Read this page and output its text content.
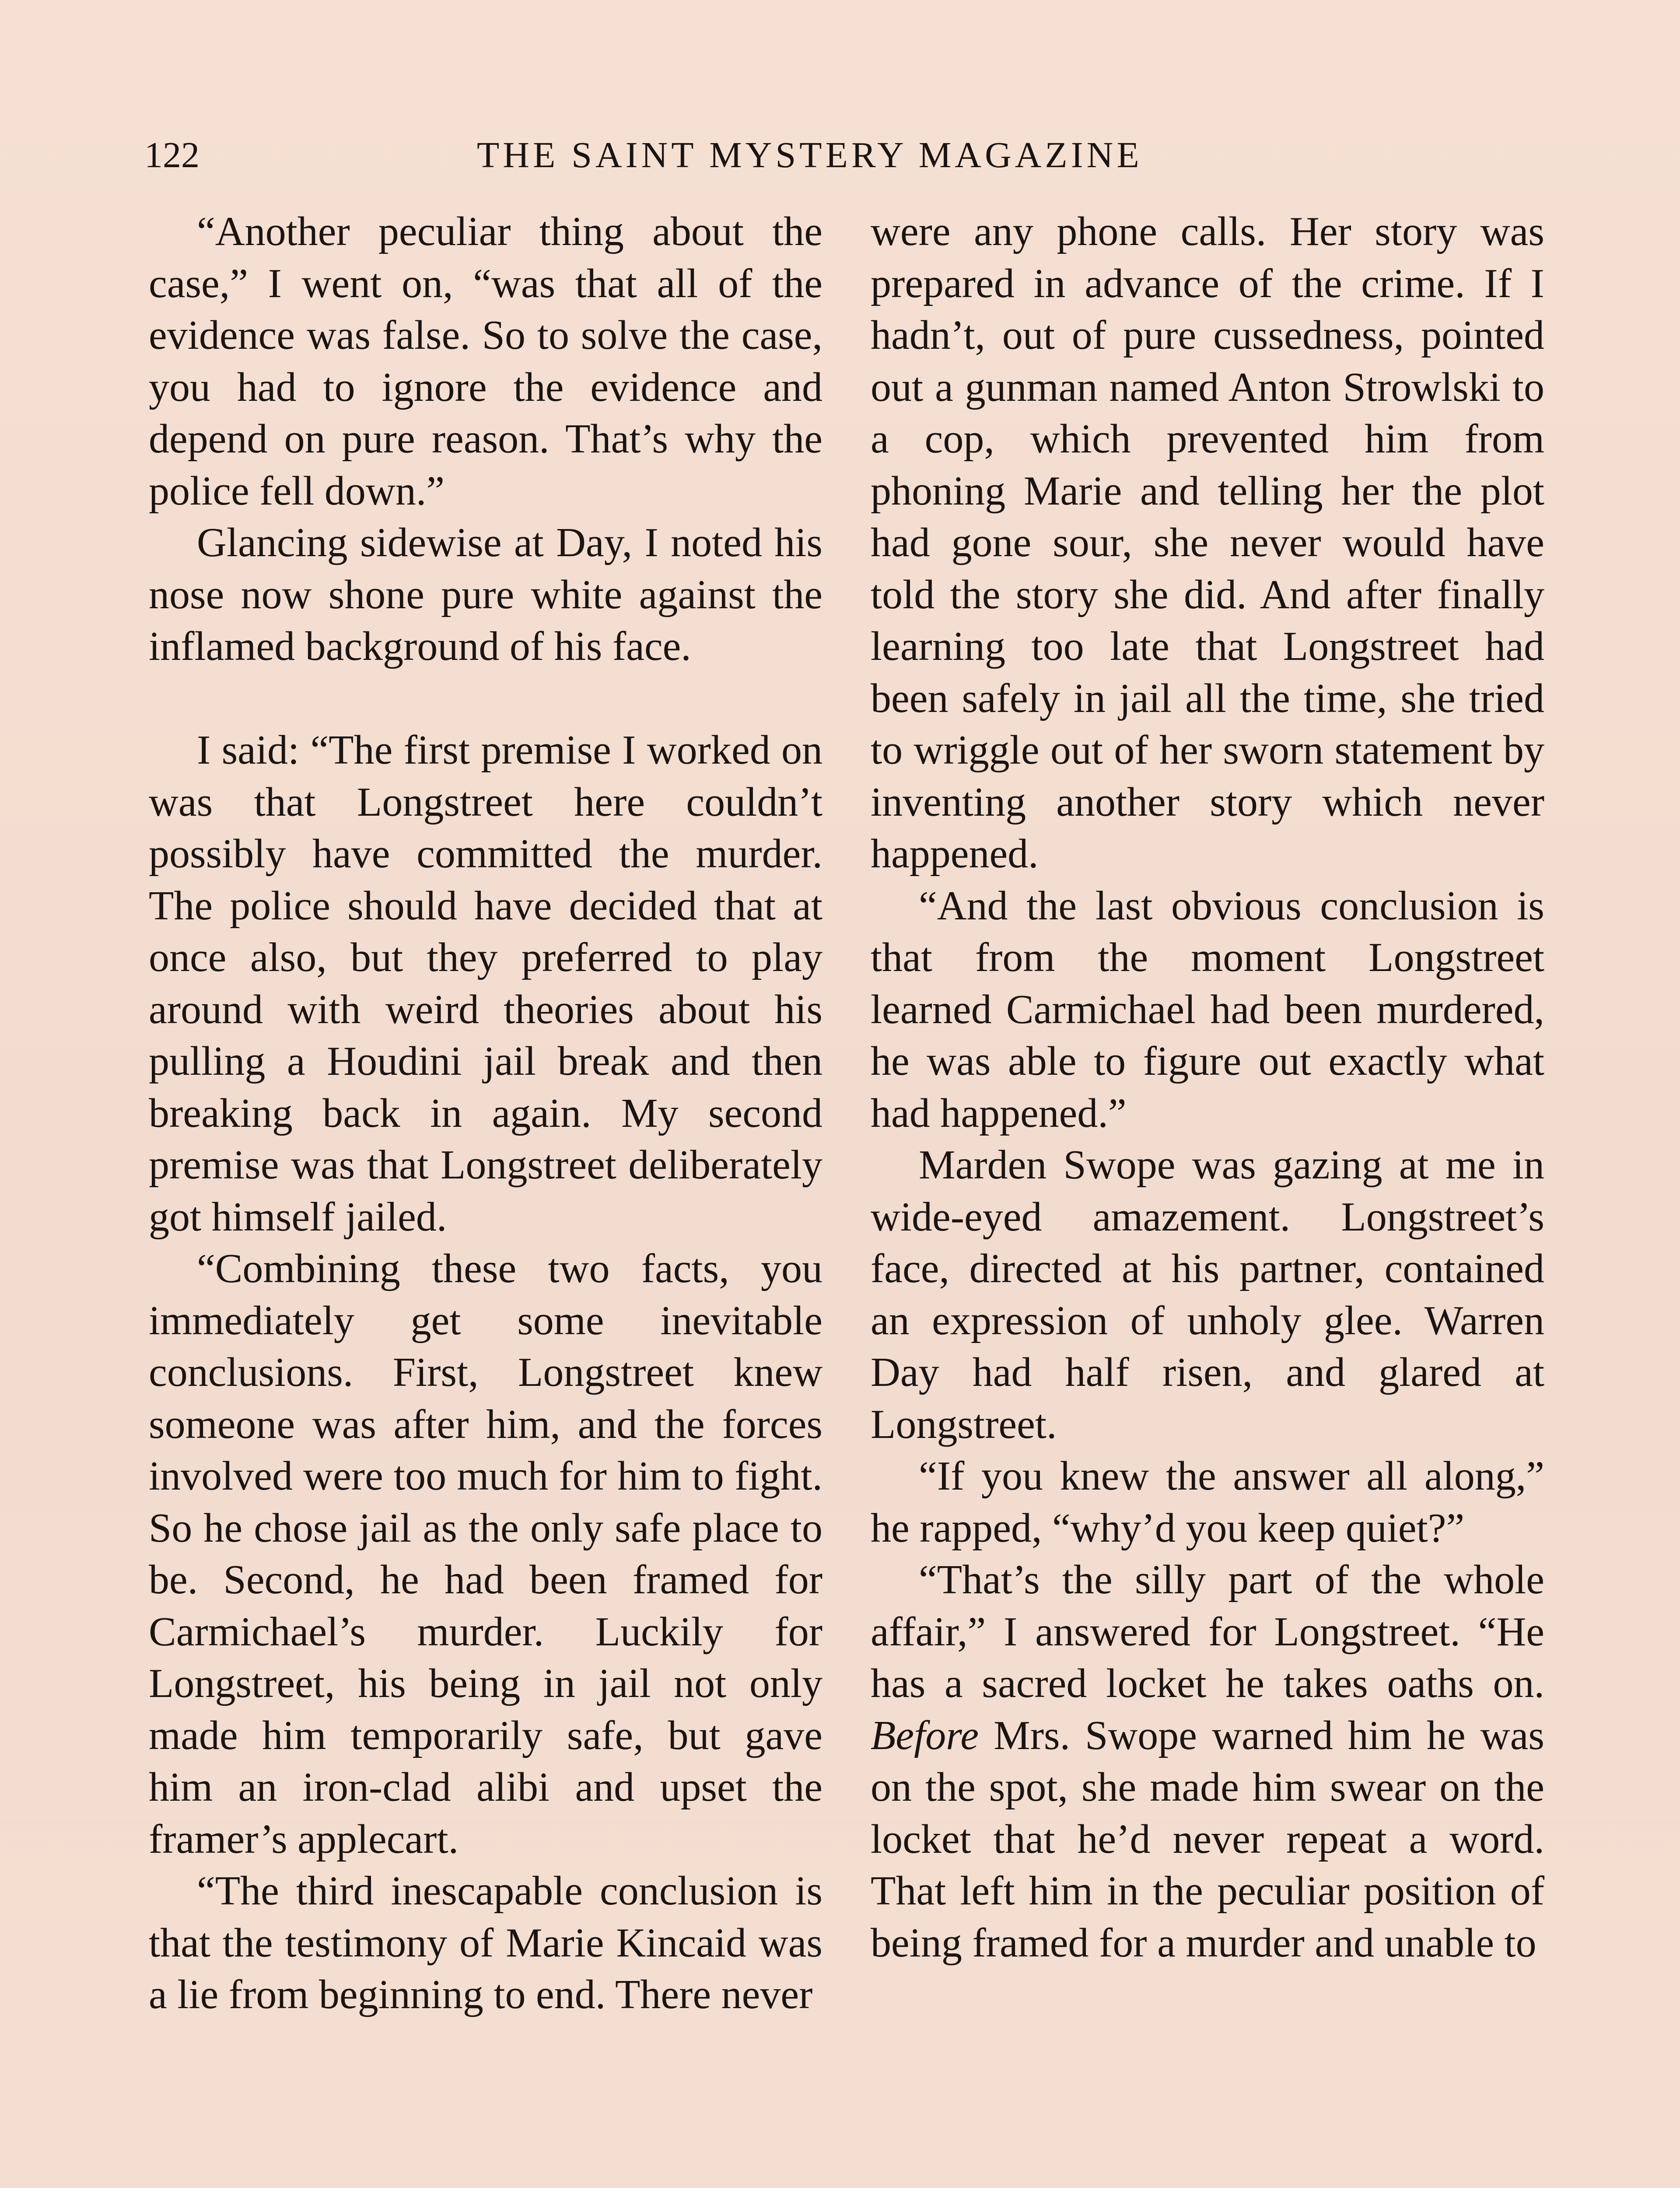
122	THE SAINT MYSTERY MAGAZINE

“Another peculiar thing about the case,” I went on, “was that all of the evidence was false. So to solve the case, you had to ignore the evidence and depend on pure reason. That’s why the police fell down.”

Glancing sidewise at Day, I noted his nose now shone pure white against the inflamed background of his face.

I said: “The first premise I worked on was that Longstreet here couldn’t possibly have committed the murder. The police should have decided that at once also, but they preferred to play around with weird theories about his pulling a Houdini jail break and then breaking back in again. My second premise was that Longstreet deliberately got himself jailed.

“Combining these two facts, you immediately get some inevitable conclusions. First, Longstreet knew someone was after him, and the forces involved were too much for him to fight. So he chose jail as the only safe place to be. Second, he had been framed for Carmichael’s murder. Luckily for Longstreet, his being in jail not only made him temporarily safe, but gave him an iron-clad alibi and upset the framer’s applecart.

“The third inescapable conclusion is that the testimony of Marie Kincaid was a lie from beginning to end. There never

were any phone calls. Her story was prepared in advance of the crime. If I hadn’t, out of pure cussedness, pointed out a gunman named Anton Strowlski to a cop, which prevented him from phoning Marie and telling her the plot had gone sour, she never would have told the story she did. And after finally learning too late that Longstreet had been safely in jail all the time, she tried to wriggle out of her sworn statement by inventing another story which never happened.

“And the last obvious conclusion is that from the moment Longstreet learned Carmichael had been murdered, he was able to figure out exactly what had happened.”

Marden Swope was gazing at me in wide-eyed amazement. Longstreet’s face, directed at his partner, contained an expression of unholy glee. Warren Day had half risen, and glared at Longstreet.

“If you knew the answer all along,” he rapped, “why’d you keep quiet?”

“That’s the silly part of the whole affair,” I answered for Longstreet. “He has a sacred locket he takes oaths on. Before Mrs. Swope warned him he was on the spot, she made him swear on the locket that he’d never repeat a word. That left him in the peculiar position of being framed for a murder and unable to
